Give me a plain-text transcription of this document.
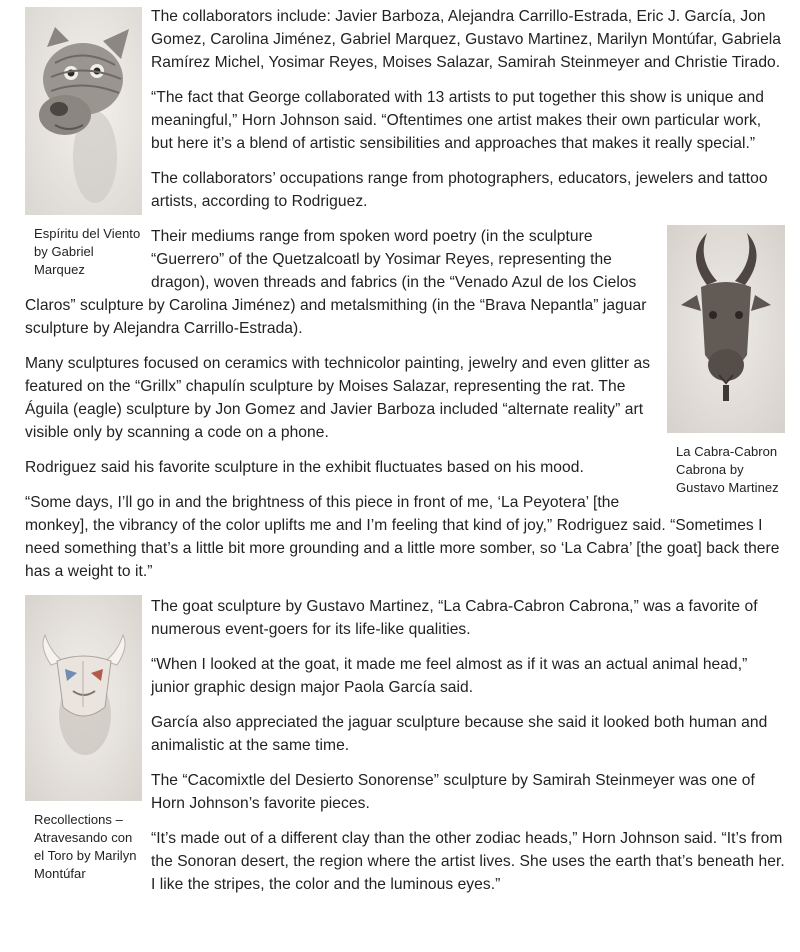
Espíritu del Viento by Gabriel Marquez

The collaborators include: Javier Barboza, Alejandra Carrillo-Estrada, Eric J. García, Jon Gomez, Carolina Jiménez, Gabriel Marquez, Gustavo Martinez, Marilyn Montúfar, Gabriela Ramírez Michel, Yosimar Reyes, Moises Salazar, Samirah Steinmeyer and Christie Tirado.

“The fact that George collaborated with 13 artists to put together this show is unique and meaningful,” Horn Johnson said. “Oftentimes one artist makes their own particular work, but here it’s a blend of artistic sensibilities and approaches that makes it really special.”

The collaborators’ occupations range from photographers, educators, jewelers and tattoo artists, according to Rodriguez.

La Cabra-Cabron Cabrona by Gustavo Martinez

Their mediums range from spoken word poetry (in the sculpture “Guerrero” of the Quetzalcoatl by Yosimar Reyes, representing the dragon), woven threads and fabrics (in the “Venado Azul de los Cielos Claros” sculpture by Carolina Jiménez) and metalsmithing (in the “Brava Nepantla” jaguar sculpture by Alejandra Carrillo-Estrada).

Many sculptures focused on ceramics with technicolor painting, jewelry and even glitter as featured on the “Grillx” chapulín sculpture by Moises Salazar, representing the rat. The Águila (eagle) sculpture by Jon Gomez and Javier Barboza included “alternate reality” art visible only by scanning a code on a phone.

Rodriguez said his favorite sculpture in the exhibit fluctuates based on his mood.

“Some days, I’ll go in and the brightness of this piece in front of me, ‘La Peyotera’ [the monkey], the vibrancy of the color uplifts me and I’m feeling that kind of joy,” Rodriguez said. “Sometimes I need something that’s a little bit more grounding and a little more somber, so ‘La Cabra’ [the goat] back there has a weight to it.”

Recollections – Atravesando con el Toro by Marilyn Montúfar

The goat sculpture by Gustavo Martinez, “La Cabra-Cabron Cabrona,” was a favorite of numerous event-goers for its life-like qualities.

“When I looked at the goat, it made me feel almost as if it was an actual animal head,” junior graphic design major Paola García said.

García also appreciated the jaguar sculpture because she said it looked both human and animalistic at the same time.

The “Cacomixtle del Desierto Sonorense” sculpture by Samirah Steinmeyer was one of Horn Johnson’s favorite pieces.

“It’s made out of a different clay than the other zodiac heads,” Horn Johnson said. “It’s from the Sonoran desert, the region where the artist lives. She uses the earth that’s beneath her. I like the stripes, the color and the luminous eyes.”
